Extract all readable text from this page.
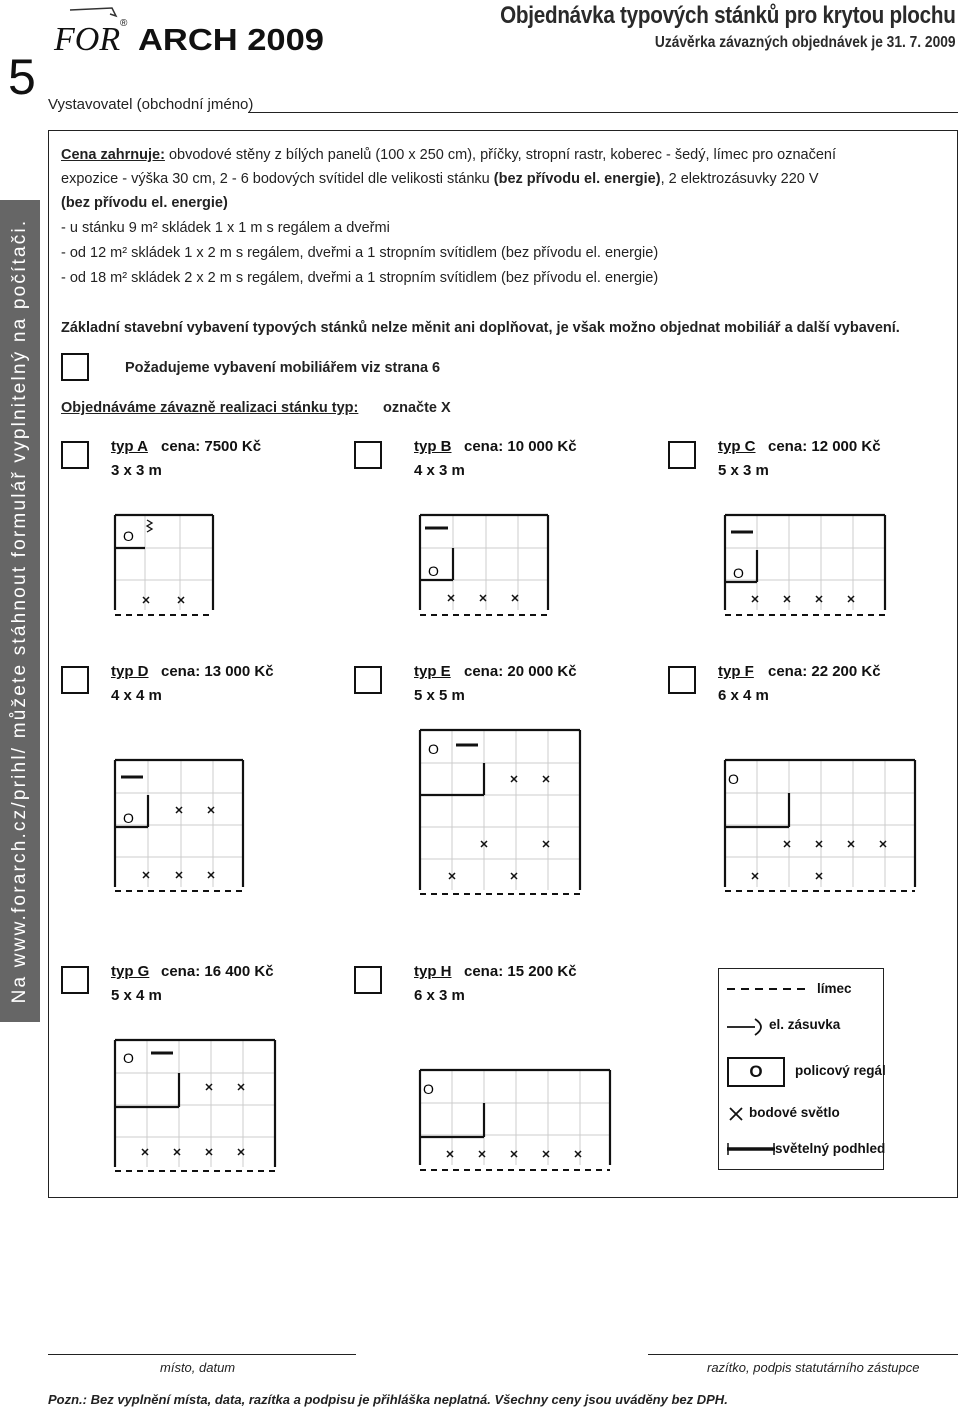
5
FOR ® ARCH 2009
Objednávka typových stánků pro krytou plochu
Uzávěrka závazných objednávek je 31. 7. 2009
Vystavovatel (obchodní jméno)
Na www.forarch.cz/prihl/ můžete stáhnout formulář vyplnitelný na počítači.
Cena zahrnuje: obvodové stěny z bílých panelů (100 x 250 cm), příčky, stropní rastr, koberec - šedý, límec pro označení
expozice - výška 30 cm, 2 - 6 bodových svítidel dle velikosti stánku (bez přívodu el. energie), 2 elektrozásuvky 220 V
(bez přívodu el. energie)
- u stánku 9 m² skládek 1 x 1 m s regálem a dveřmi
- od 12 m² skládek 1 x 2 m s regálem, dveřmi a 1 stropním svítidlem (bez přívodu el. energie)
- od 18 m² skládek 2 x 2 m s regálem, dveřmi a 1 stropním svítidlem (bez přívodu el. energie)
Základní stavební vybavení typových stánků nelze měnit ani doplňovat, je však možno objednat mobiliář a další vybavení.
Požadujeme vybavení mobiliářem viz strana 6
Objednáváme závazně realizaci stánku typ: označte X
typ A cena: 7500 Kč
3 x 3 m
O
typ B cena: 10 000 Kč
4 x 3 m
O
typ C cena: 12 000 Kč
5 x 3 m
O
typ D cena: 13 000 Kč
4 x 4 m
O
typ E cena: 20 000 Kč
5 x 5 m
O
typ F cena: 22 200 Kč
6 x 4 m
O
typ G cena: 16 400 Kč
5 x 4 m
O
typ H cena: 15 200 Kč
6 x 3 m
O
límec
el. zásuvka
O	policový regál
bodové světlo
světelný podhled
místo, datum	razítko, podpis statutárního zástupce
Pozn.: Bez vyplnění místa, data, razítka a podpisu je přihláška neplatná. Všechny ceny jsou uváděny bez DPH.
